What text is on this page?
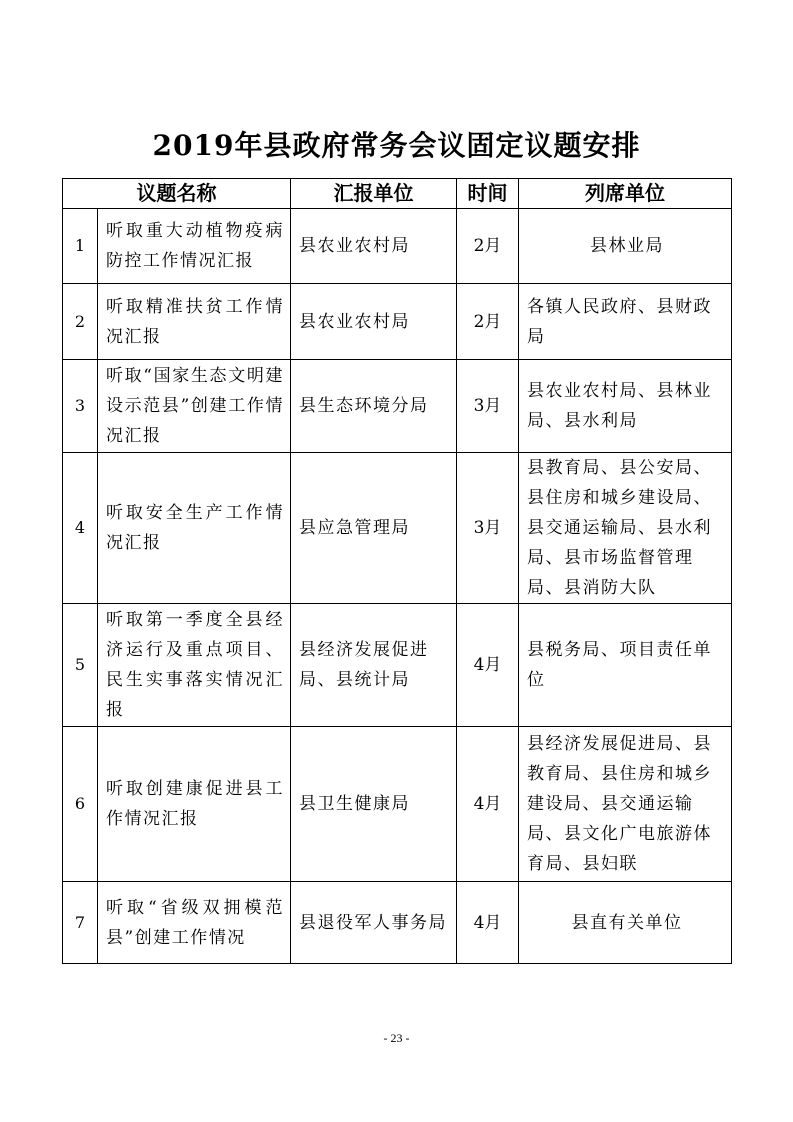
2019年县政府常务会议固定议题安排
议题名称		汇报单位	时间	列席单位
1	听取重大动植物疫病防控工作情况汇报	县农业农村局	2月	县林业局
2	听取精准扶贫工作情况汇报	县农业农村局	2月	各镇人民政府、县财政局
3	听取“国家生态文明建设示范县”创建工作情况汇报	县生态环境分局	3月	县农业农村局、县林业局、县水利局
4	听取安全生产工作情况汇报	县应急管理局	3月	县教育局、县公安局、县住房和城乡建设局、县交通运输局、县水利局、县市场监督管理局、县消防大队
5	听取第一季度全县经济运行及重点项目、民生实事落实情况汇报	县经济发展促进局、县统计局	4月	县税务局、项目责任单位
6	听取创建康促进县工作情况汇报	县卫生健康局	4月	县经济发展促进局、县教育局、县住房和城乡建设局、县交通运输局、县文化广电旅游体育局、县妇联
7	听取“省级双拥模范县”创建工作情况	县退役军人事务局	4月	县直有关单位
- 23 -
